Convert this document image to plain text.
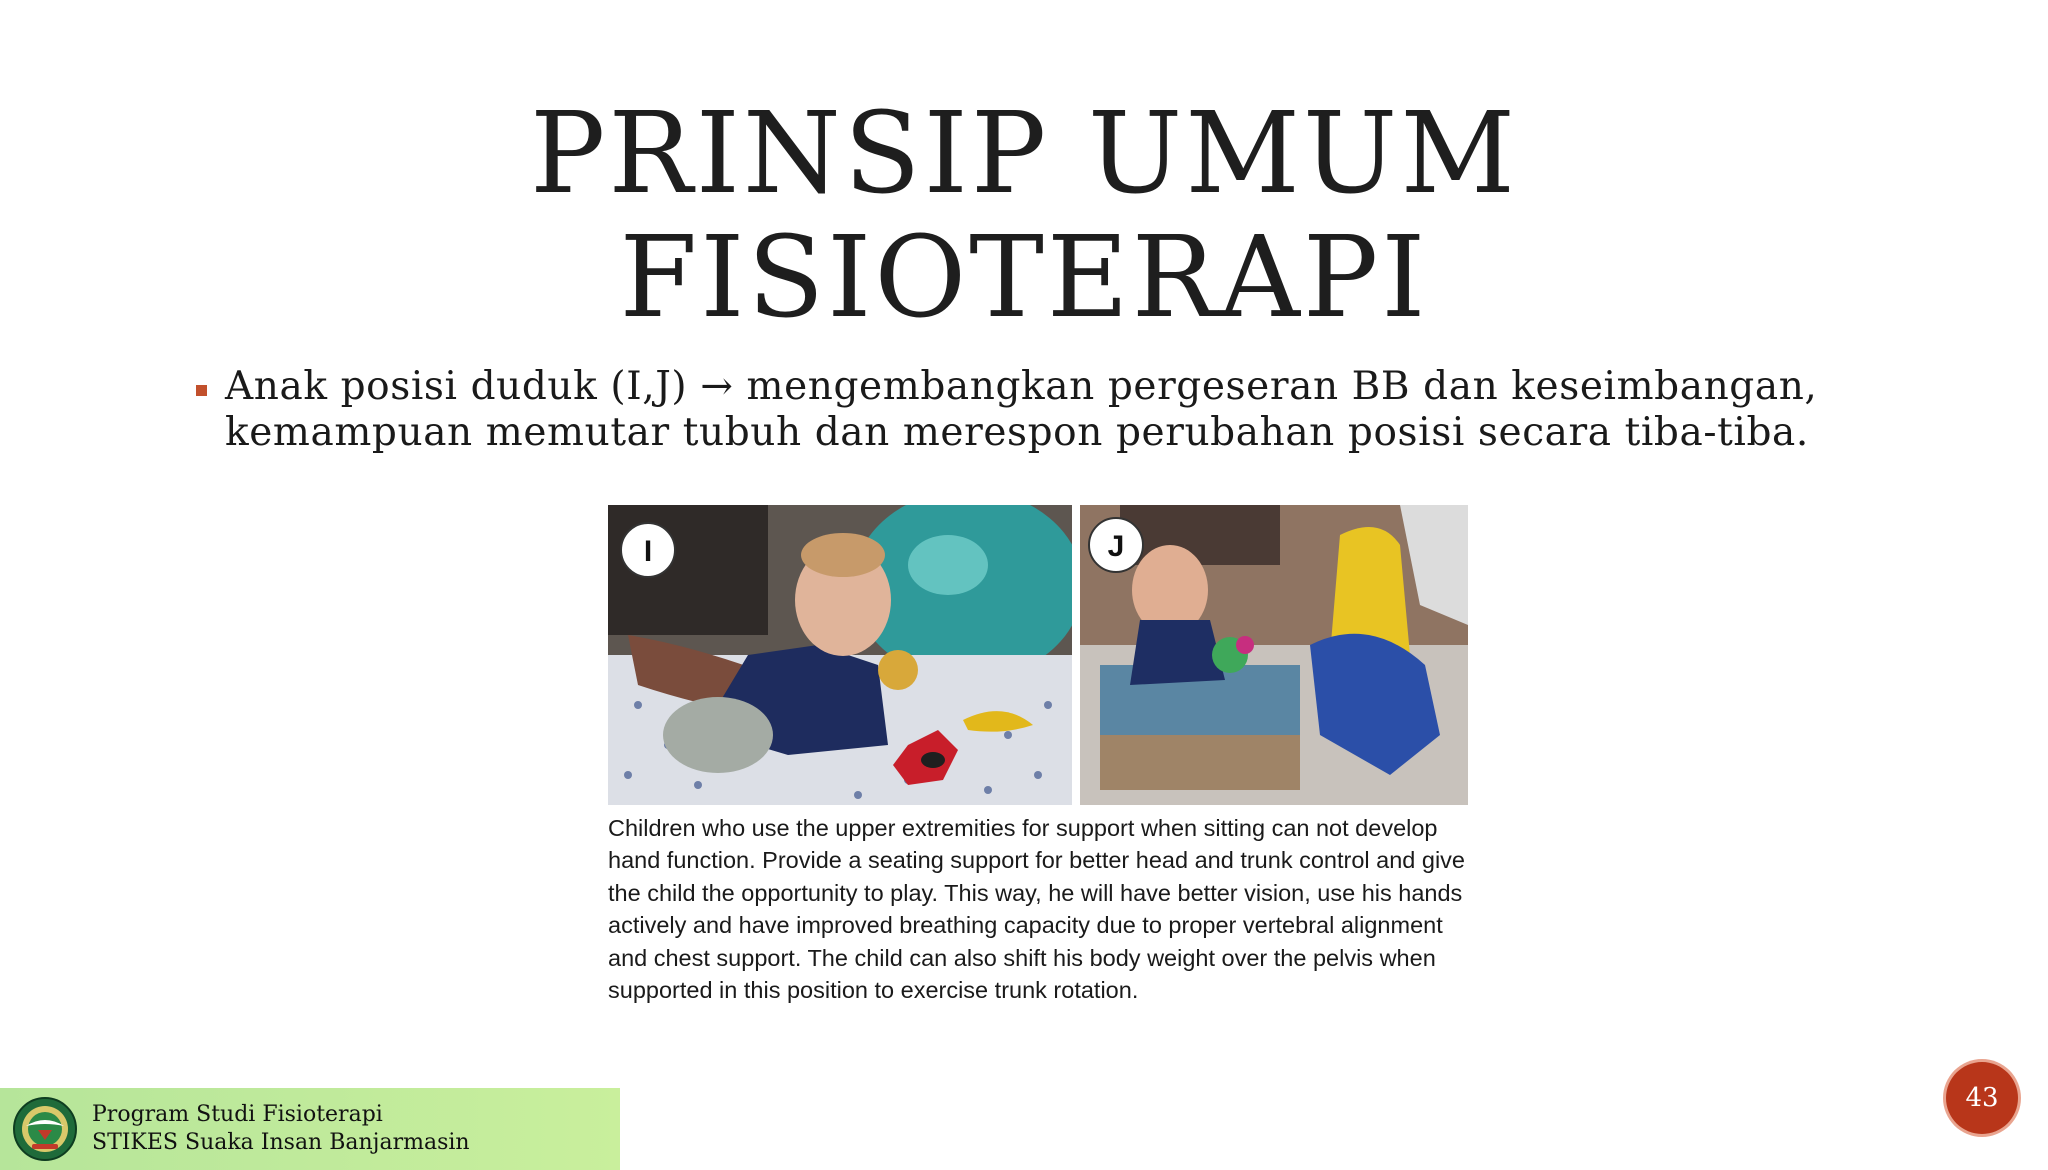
PRINSIP UMUM
FISIOTERAPI
Anak posisi duduk (I,J) → mengembangkan pergeseran BB dan keseimbangan, kemampuan memutar tubuh dan merespon perubahan posisi secara tiba-tiba.
I	J
Children who use the upper extremities for support when sitting can not develop hand function. Provide a seating support for better head and trunk control and give the child the opportunity to play. This way, he will have better vision, use his hands actively and have improved breathing capacity due to proper vertebral alignment and chest support. The child can also shift his body weight over the pelvis when supported in this position to exercise trunk rotation.
Program Studi Fisioterapi
STIKES Suaka Insan Banjarmasin
43
